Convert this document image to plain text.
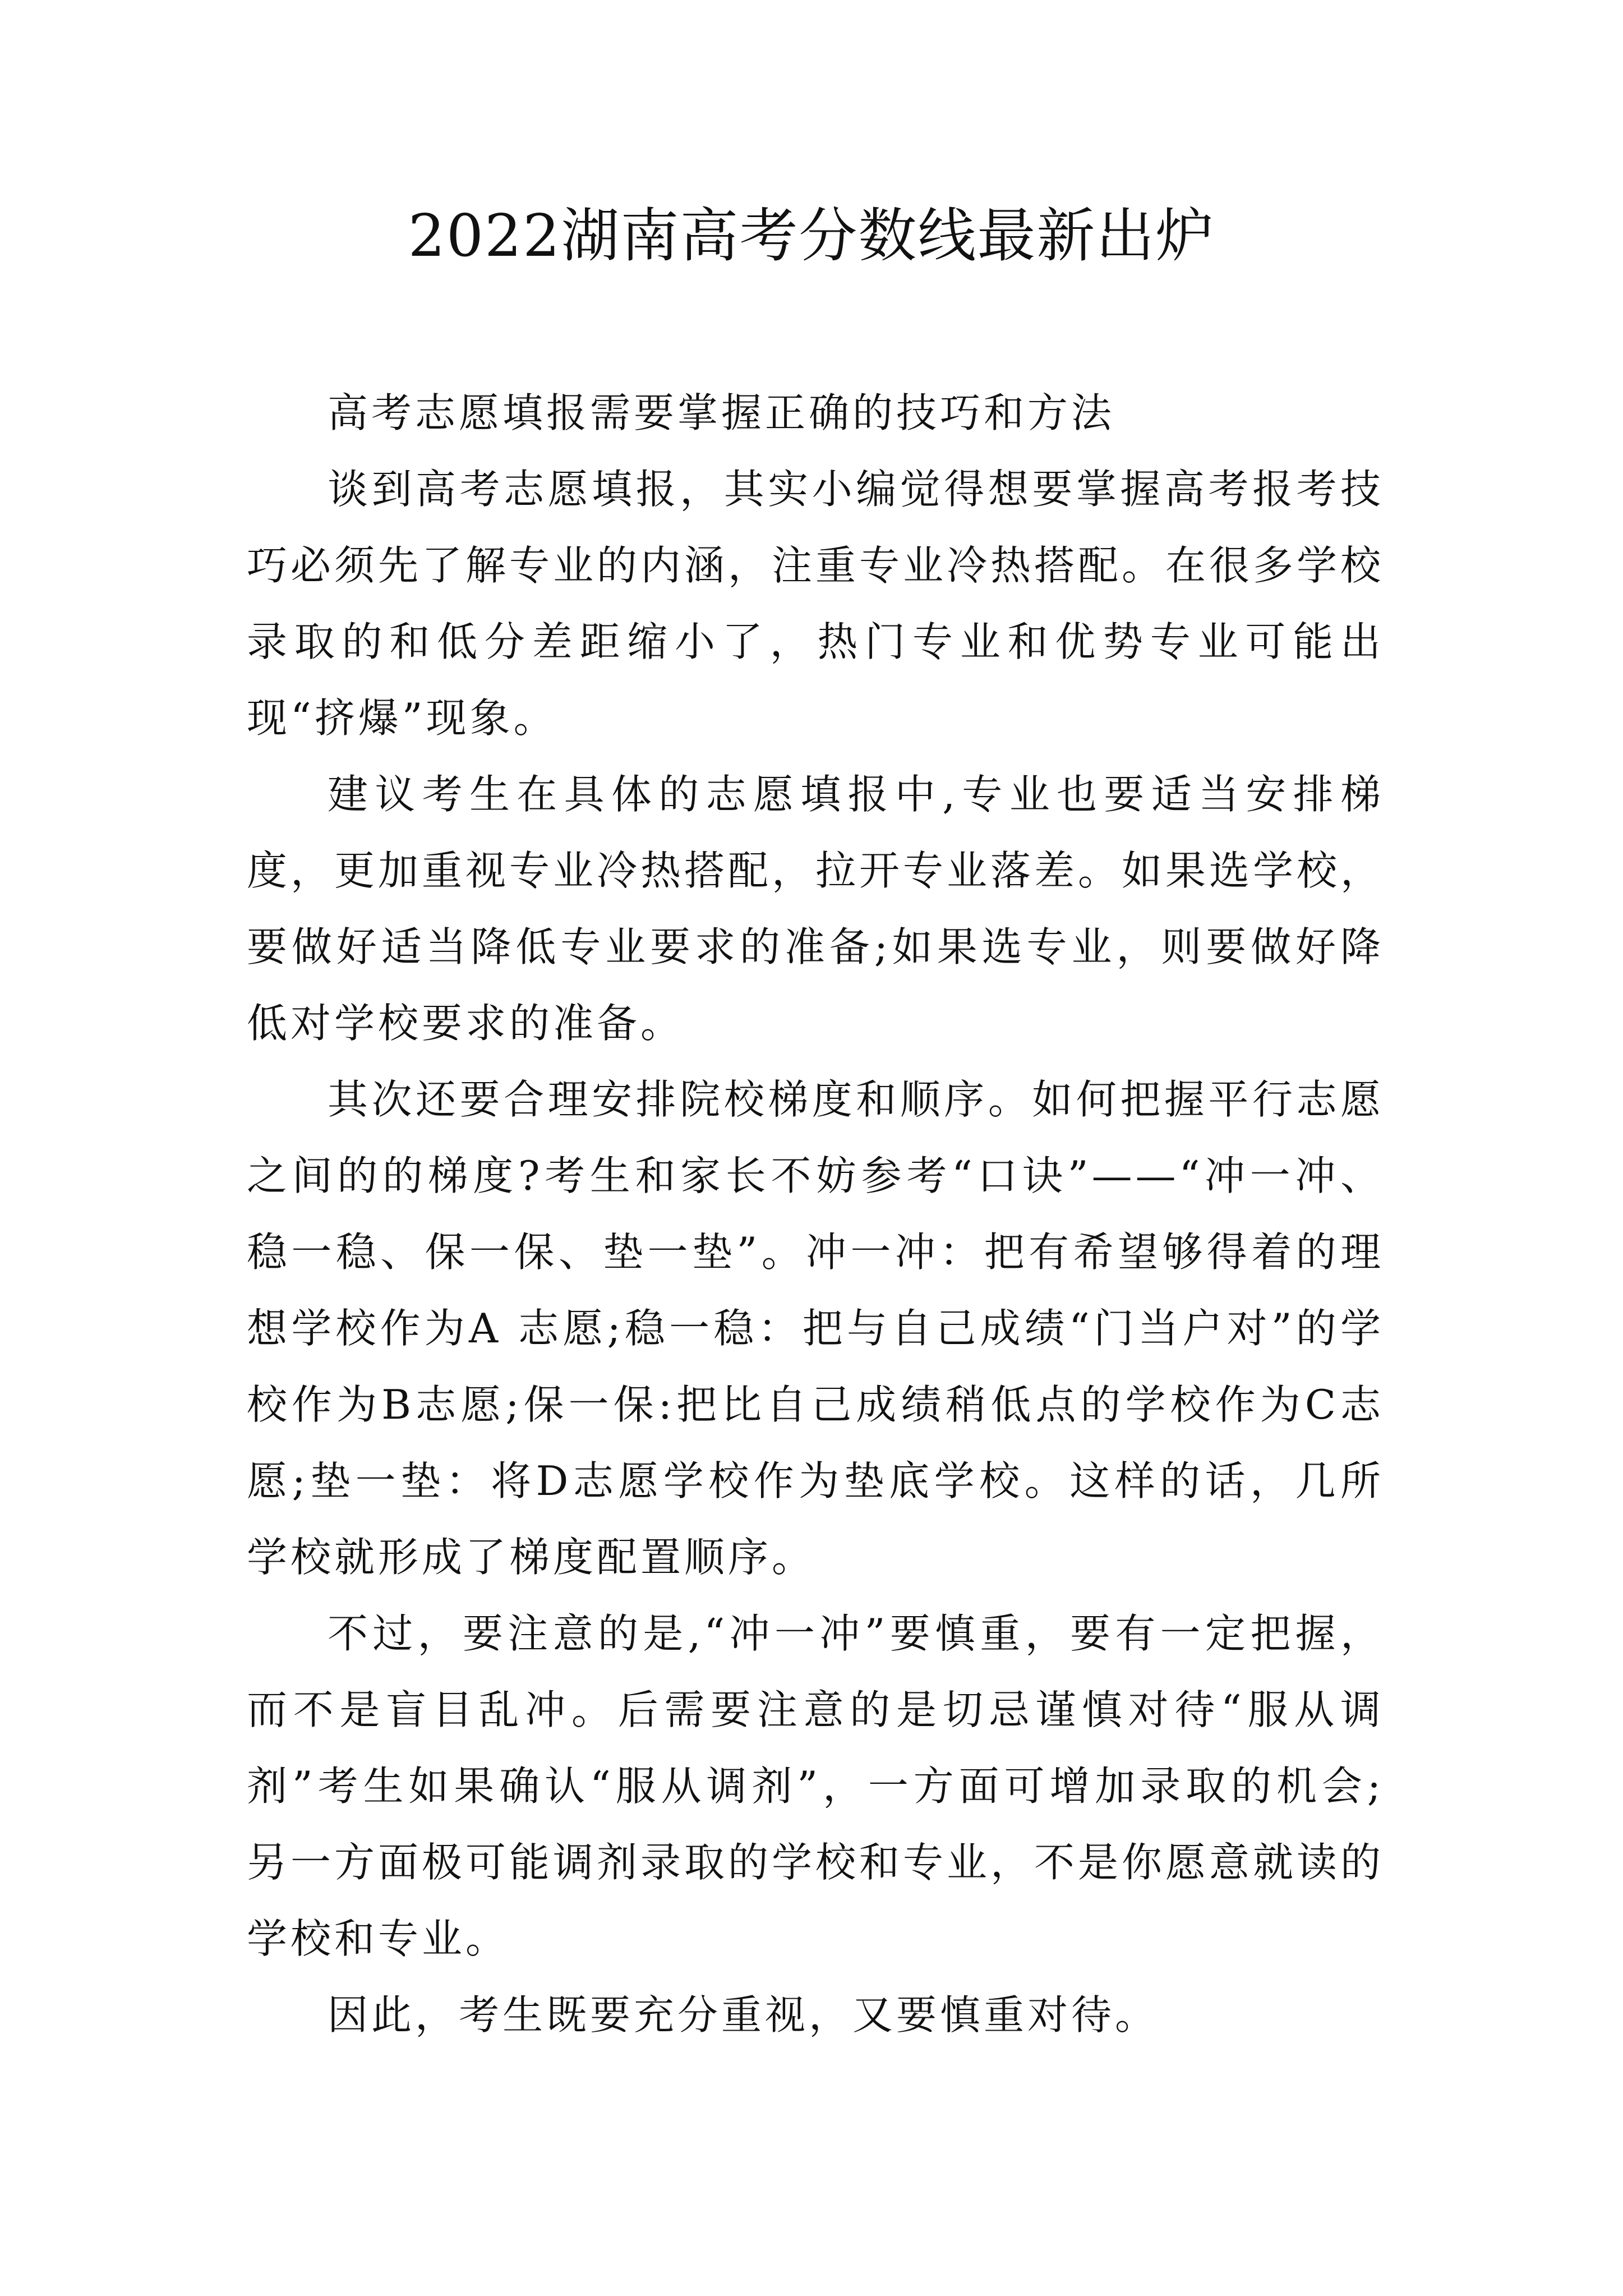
2022湖南高考分数线最新出炉

高考志愿填报需要掌握正确的技巧和方法

谈到高考志愿填报，其实小编觉得想要掌握高考报考技巧必须先了解专业的内涵，注重专业冷热搭配。在很多学校录取的和低分差距缩小了，热门专业和优势专业可能出现“挤爆”现象。

建议考生在具体的志愿填报中,专业也要适当安排梯度，更加重视专业冷热搭配，拉开专业落差。如果选学校，要做好适当降低专业要求的准备;如果选专业，则要做好降低对学校要求的准备。

其次还要合理安排院校梯度和顺序。如何把握平行志愿之间的的梯度?考生和家长不妨参考“口诀”——“冲一冲、稳一稳、保一保、垫一垫”。冲一冲：把有希望够得着的理想学校作为A 志愿;稳一稳：把与自己成绩“门当户对”的学校作为B志愿;保一保:把比自己成绩稍低点的学校作为C志愿;垫一垫：将D志愿学校作为垫底学校。这样的话，几所学校就形成了梯度配置顺序。

不过，要注意的是,“冲一冲”要慎重，要有一定把握，而不是盲目乱冲。后需要注意的是切忌谨慎对待“服从调剂”考生如果确认“服从调剂”，一方面可增加录取的机会;另一方面极可能调剂录取的学校和专业，不是你愿意就读的学校和专业。

因此，考生既要充分重视，又要慎重对待。
